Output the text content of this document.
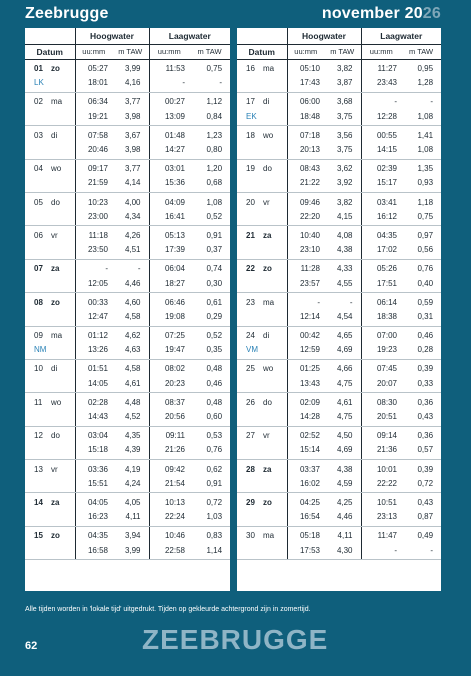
Zeebrugge	november 2026
		Hoogwater		Laagwater	
Datum		uu:mm	m TAW	uu:mm	m TAW
01	zo	05:27	3,99	11:53	0,75
LK		18:01	4,16	-	-
02	ma	06:34	3,77	00:27	1,12
		19:21	3,98	13:09	0,84
03	di	07:58	3,67	01:48	1,23
		20:46	3,98	14:27	0,80
04	wo	09:17	3,77	03:01	1,20
		21:59	4,14	15:36	0,68
05	do	10:23	4,00	04:09	1,08
		23:00	4,34	16:41	0,52
06	vr	11:18	4,26	05:13	0,91
		23:50	4,51	17:39	0,37
07	za	-	-	06:04	0,74
		12:05	4,46	18:27	0,30
08	zo	00:33	4,60	06:46	0,61
		12:47	4,58	19:08	0,29
09	ma	01:12	4,62	07:25	0,52
NM		13:26	4,63	19:47	0,35
10	di	01:51	4,58	08:02	0,48
		14:05	4,61	20:23	0,46
11	wo	02:28	4,48	08:37	0,48
		14:43	4,52	20:56	0,60
12	do	03:04	4,35	09:11	0,53
		15:18	4,39	21:26	0,76
13	vr	03:36	4,19	09:42	0,62
		15:51	4,24	21:54	0,91
14	za	04:05	4,05	10:13	0,72
		16:23	4,11	22:24	1,03
15	zo	04:35	3,94	10:46	0,83
		16:58	3,99	22:58	1,14
		Hoogwater		Laagwater	
Datum		uu:mm	m TAW	uu:mm	m TAW
16	ma	05:10	3,82	11:27	0,95
		17:43	3,87	23:43	1,28
17	di	06:00	3,68	-	-
EK		18:48	3,75	12:28	1,08
18	wo	07:18	3,56	00:55	1,41
		20:13	3,75	14:15	1,08
19	do	08:43	3,62	02:39	1,35
		21:22	3,92	15:17	0,93
20	vr	09:46	3,82	03:41	1,18
		22:20	4,15	16:12	0,75
21	za	10:40	4,08	04:35	0,97
		23:10	4,38	17:02	0,56
22	zo	11:28	4,33	05:26	0,76
		23:57	4,55	17:51	0,40
23	ma	-	-	06:14	0,59
		12:14	4,54	18:38	0,31
24	di	00:42	4,65	07:00	0,46
VM		12:59	4,69	19:23	0,28
25	wo	01:25	4,66	07:45	0,39
		13:43	4,75	20:07	0,33
26	do	02:09	4,61	08:30	0,36
		14:28	4,75	20:51	0,43
27	vr	02:52	4,50	09:14	0,36
		15:14	4,69	21:36	0,57
28	za	03:37	4,38	10:01	0,39
		16:02	4,59	22:22	0,72
29	zo	04:25	4,25	10:51	0,43
		16:54	4,46	23:13	0,87
30	ma	05:18	4,11	11:47	0,49
		17:53	4,30	-	-
Alle tijden worden in 'lokale tijd' uitgedrukt. Tijden op gekleurde achtergrond zijn in zomertijd.
62	ZEEBRUGGE
